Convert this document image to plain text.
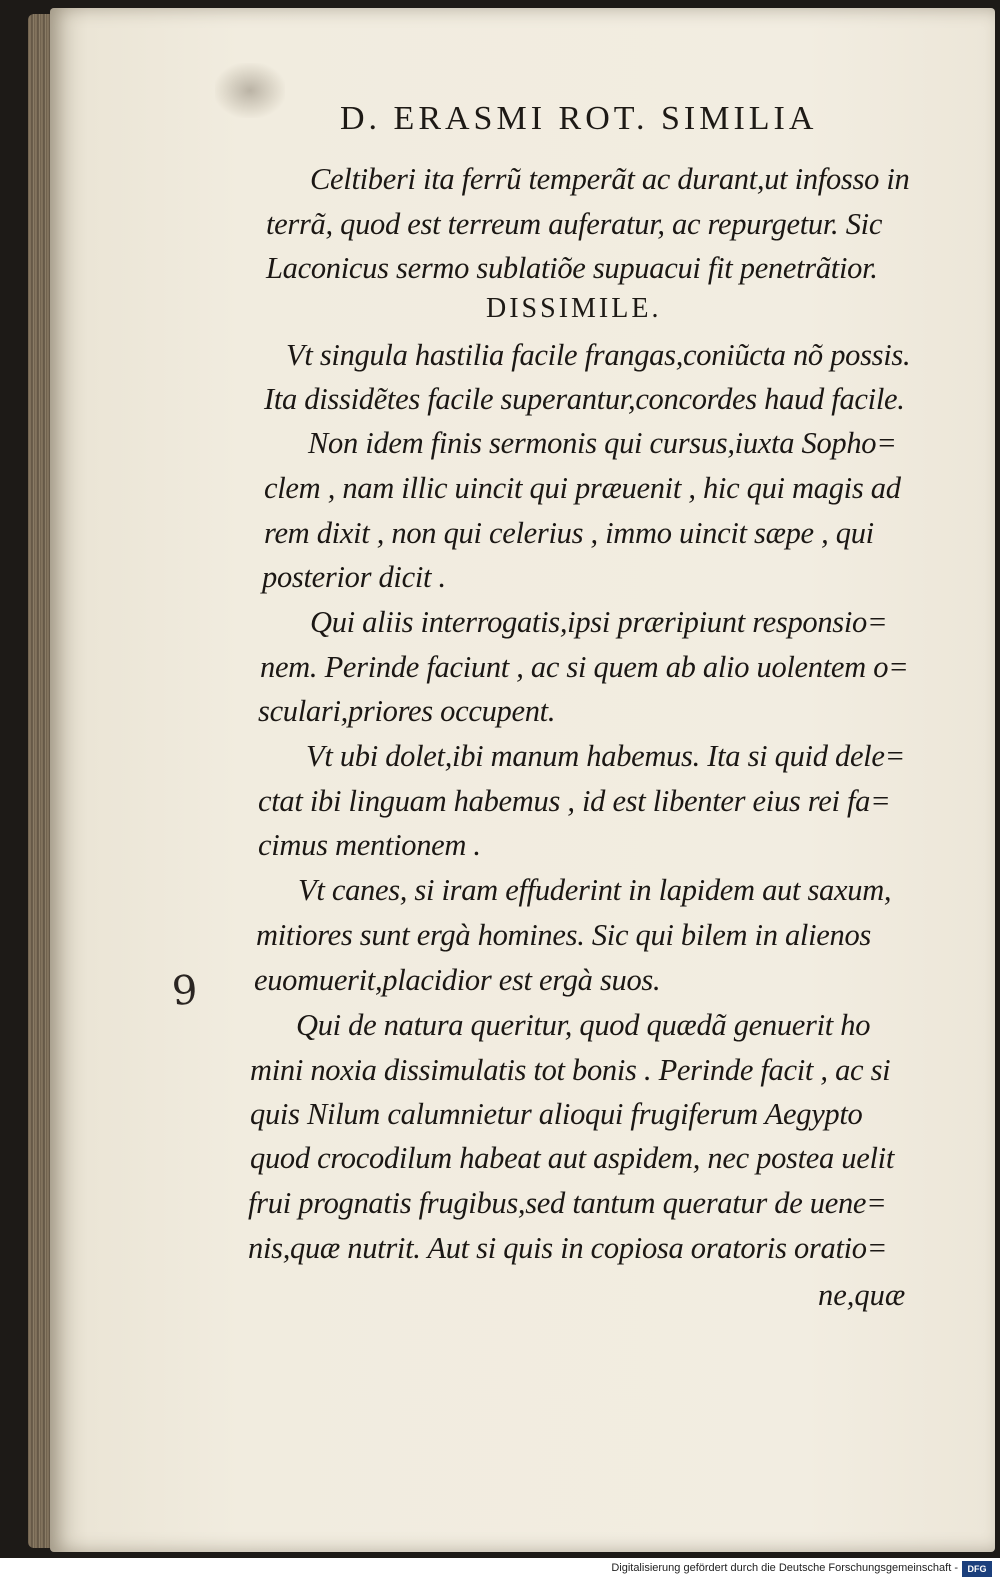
D. ERASMI ROT. SIMILIA
Celtiberi ita ferrũ temperãt ac durant,ut infosso in
terrã, quod est terreum auferatur, ac repurgetur. Sic
Laconicus sermo sublatiõe supuacui fit penetrãtior.
DISSIMILE.
Vt singula hastilia facile frangas,coniũcta nõ possis.
Ita dissidẽtes facile superantur,concordes haud facile.
Non idem finis sermonis qui cursus,iuxta Sopho=
clem , nam illic uincit qui præuenit , hic qui magis ad
rem dixit , non qui celerius , immo uincit sæpe , qui
posterior dicit .
Qui aliis interrogatis,ipsi præripiunt responsio=
nem. Perinde faciunt , ac si quem ab alio uolentem o=
sculari,priores occupent.
Vt ubi dolet,ibi manum habemus. Ita si quid dele=
ctat ibi linguam habemus , id est libenter eius rei fa=
cimus mentionem .
Vt canes, si iram effuderint in lapidem aut saxum,
mitiores sunt ergà homines. Sic qui bilem in alienos
euomuerit,placidior est ergà suos.
9
Qui de natura queritur, quod quædã genuerit ho
mini noxia dissimulatis tot bonis . Perinde facit , ac si
quis Nilum calumnietur alioqui frugiferum Aegypto
quod crocodilum habeat aut aspidem, nec postea uelit
frui prognatis frugibus,sed tantum queratur de uene=
nis,quæ nutrit. Aut si quis in copiosa oratoris oratio=
ne,quæ
Digitalisierung gefördert durch die Deutsche Forschungsgemeinschaft -	DFG
